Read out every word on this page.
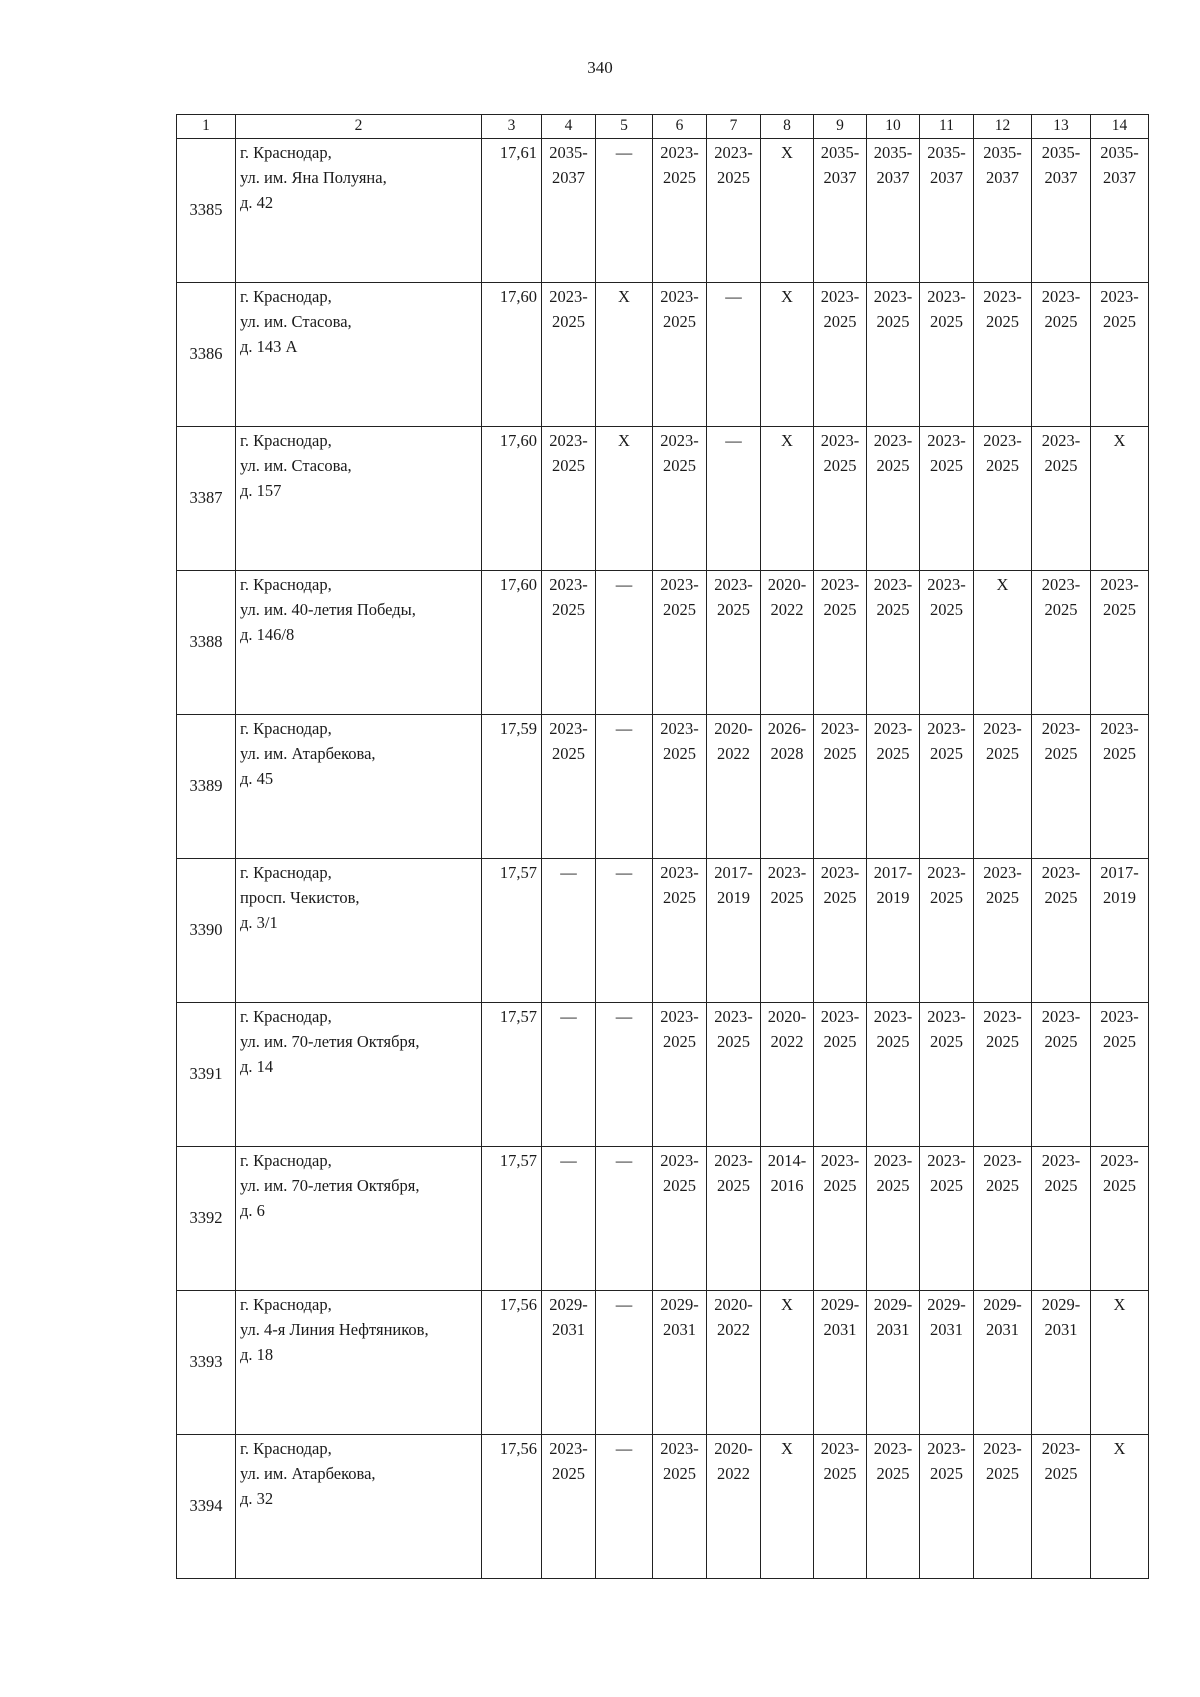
340
1	2	3	4	5	6	7	8	9	10	11	12	13	14
3385	г. Краснодар,
ул. им. Яна Полуяна,
д. 42	17,61	2035-
2037	—	2023-
2025	2023-
2025	X	2035-
2037	2035-
2037	2035-
2037	2035-
2037	2035-
2037	2035-
2037
3386	г. Краснодар,
ул. им. Стасова,
д. 143 А	17,60	2023-
2025	X	2023-
2025	—	X	2023-
2025	2023-
2025	2023-
2025	2023-
2025	2023-
2025	2023-
2025
3387	г. Краснодар,
ул. им. Стасова,
д. 157	17,60	2023-
2025	X	2023-
2025	—	X	2023-
2025	2023-
2025	2023-
2025	2023-
2025	2023-
2025	X
3388	г. Краснодар,
ул. им. 40-летия Победы,
д. 146/8	17,60	2023-
2025	—	2023-
2025	2023-
2025	2020-
2022	2023-
2025	2023-
2025	2023-
2025	X	2023-
2025	2023-
2025
3389	г. Краснодар,
ул. им. Атарбекова,
д. 45	17,59	2023-
2025	—	2023-
2025	2020-
2022	2026-
2028	2023-
2025	2023-
2025	2023-
2025	2023-
2025	2023-
2025	2023-
2025
3390	г. Краснодар,
просп. Чекистов,
д. 3/1	17,57	—	—	2023-
2025	2017-
2019	2023-
2025	2023-
2025	2017-
2019	2023-
2025	2023-
2025	2023-
2025	2017-
2019
3391	г. Краснодар,
ул. им. 70-летия Октября,
д. 14	17,57	—	—	2023-
2025	2023-
2025	2020-
2022	2023-
2025	2023-
2025	2023-
2025	2023-
2025	2023-
2025	2023-
2025
3392	г. Краснодар,
ул. им. 70-летия Октября,
д. 6	17,57	—	—	2023-
2025	2023-
2025	2014-
2016	2023-
2025	2023-
2025	2023-
2025	2023-
2025	2023-
2025	2023-
2025
3393	г. Краснодар,
ул. 4-я Линия Нефтяников,
д. 18	17,56	2029-
2031	—	2029-
2031	2020-
2022	X	2029-
2031	2029-
2031	2029-
2031	2029-
2031	2029-
2031	X
3394	г. Краснодар,
ул. им. Атарбекова,
д. 32	17,56	2023-
2025	—	2023-
2025	2020-
2022	X	2023-
2025	2023-
2025	2023-
2025	2023-
2025	2023-
2025	X
